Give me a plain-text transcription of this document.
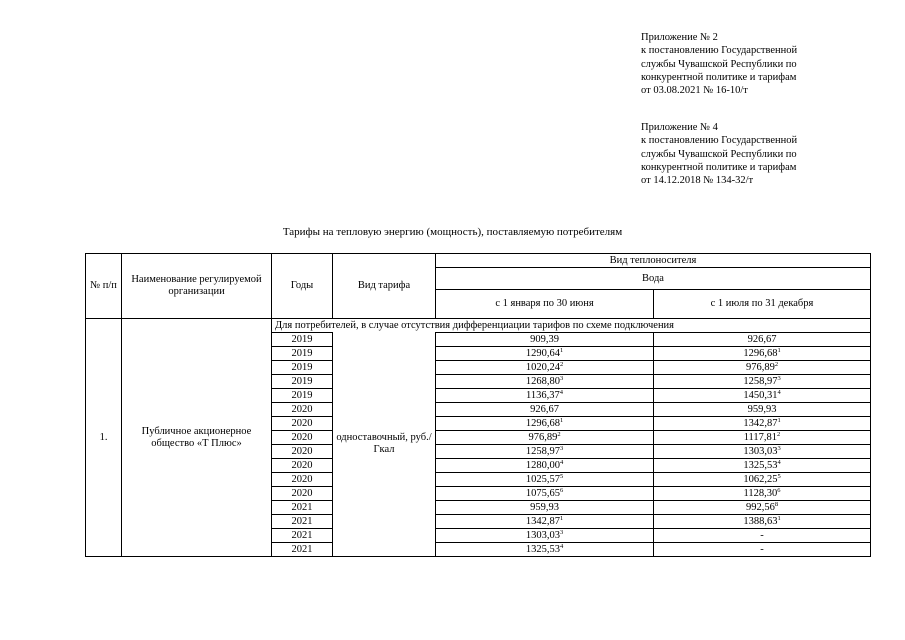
Приложение № 2
к постановлению Государственной
службы Чувашской Республики по
конкурентной политике и тарифам
от 03.08.2021 № 16-10/т
Приложение № 4
к постановлению Государственной
службы Чувашской Республики по
конкурентной политике и тарифам
от 14.12.2018 № 134-32/т
Тарифы на тепловую энергию (мощность), поставляемую потребителям
№ п/п	Наименование регулируемой организации	Годы	Вид тарифа	Вид теплоносителя	
				Вода	
				с 1 января по 30 июня	с 1 июля по 31 декабря
1.	Публичное акционерное общество «Т Плюс»	Для потребителей, в случае отсутствия дифференциации тарифов по схеме подключения			
		2019	одноставочный, руб./Гкал	909,39	926,67
		2019		1290,64$^1$	1296,68$^1$
		2019		1020,24$^2$	976,89$^2$
		2019		1268,80$^3$	1258,97$^3$
		2019		1136,37$^4$	1450,31$^4$
		2020		926,67	959,93
		2020		1296,68$^1$	1342,87$^1$
		2020		976,89$^2$	1117,81$^2$
		2020		1258,97$^3$	1303,03$^3$
		2020		1280,00$^4$	1325,53$^4$
		2020		1025,57$^5$	1062,25$^5$
		2020		1075,65$^6$	1128,30$^6$
		2021		959,93	992,56$^8$
		2021		1342,87$^1$	1388,63$^1$
		2021		1303,03$^3$	-
		2021		1325,53$^4$	-
